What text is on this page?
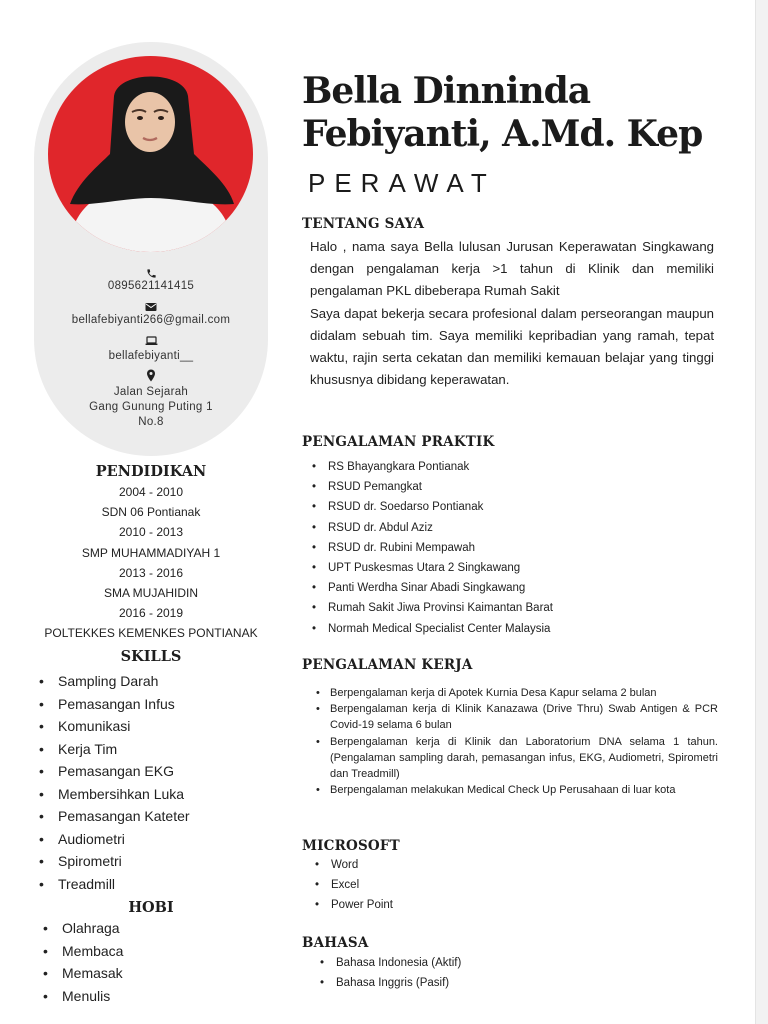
0895621141415
bellafebiyanti266@gmail.com
bellafebiyanti__
Jalan Sejarah
Gang Gunung Puting 1
No.8
PENDIDIKAN
2004 - 2010
SDN 06 Pontianak
2010 - 2013
SMP MUHAMMADIYAH 1
2013 - 2016
SMA MUJAHIDIN
2016 - 2019
POLTEKKES KEMENKES PONTIANAK
SKILLS
• Sampling Darah
• Pemasangan Infus
• Komunikasi
• Kerja Tim
• Pemasangan EKG
• Membersihkan Luka
• Pemasangan Kateter
• Audiometri
• Spirometri
• Treadmill
HOBI
• Olahraga
• Membaca
• Memasak
• Menulis
Bella Dinninda
Febiyanti, A.Md. Kep
PERAWAT
TENTANG SAYA

Halo , nama saya Bella lulusan Jurusan Keperawatan Singkawang dengan pengalaman kerja >1 tahun di Klinik dan memiliki pengalaman PKL dibeberapa Rumah Sakit

Saya dapat bekerja secara profesional dalam perseorangan maupun didalam sebuah tim. Saya memiliki kepribadian yang ramah, tepat waktu, rajin serta cekatan dan memiliki kemauan belajar yang tinggi khususnya dibidang keperawatan.

PENGALAMAN PRAKTIK
• RS Bhayangkara Pontianak
• RSUD Pemangkat
• RSUD dr. Soedarso Pontianak
• RSUD dr. Abdul Aziz
• RSUD dr. Rubini Mempawah
• UPT Puskesmas Utara 2 Singkawang
• Panti Werdha Sinar Abadi Singkawang
• Rumah Sakit Jiwa Provinsi Kaimantan Barat
• Normah Medical Specialist Center Malaysia
PENGALAMAN KERJA
• Berpengalaman kerja di Apotek Kurnia Desa Kapur selama 2 bulan
• Berpengalaman kerja di Klinik Kanazawa (Drive Thru) Swab Antigen & PCR Covid-19 selama 6 bulan
• Berpengalaman kerja di Klinik dan Laboratorium DNA selama 1 tahun. (Pengalaman sampling darah, pemasangan infus, EKG, Audiometri, Spirometri dan Treadmill)
• Berpengalaman melakukan Medical Check Up Perusahaan di luar kota
MICROSOFT
• Word
• Excel
• Power Point
BAHASA
• Bahasa Indonesia (Aktif)
• Bahasa Inggris (Pasif)
